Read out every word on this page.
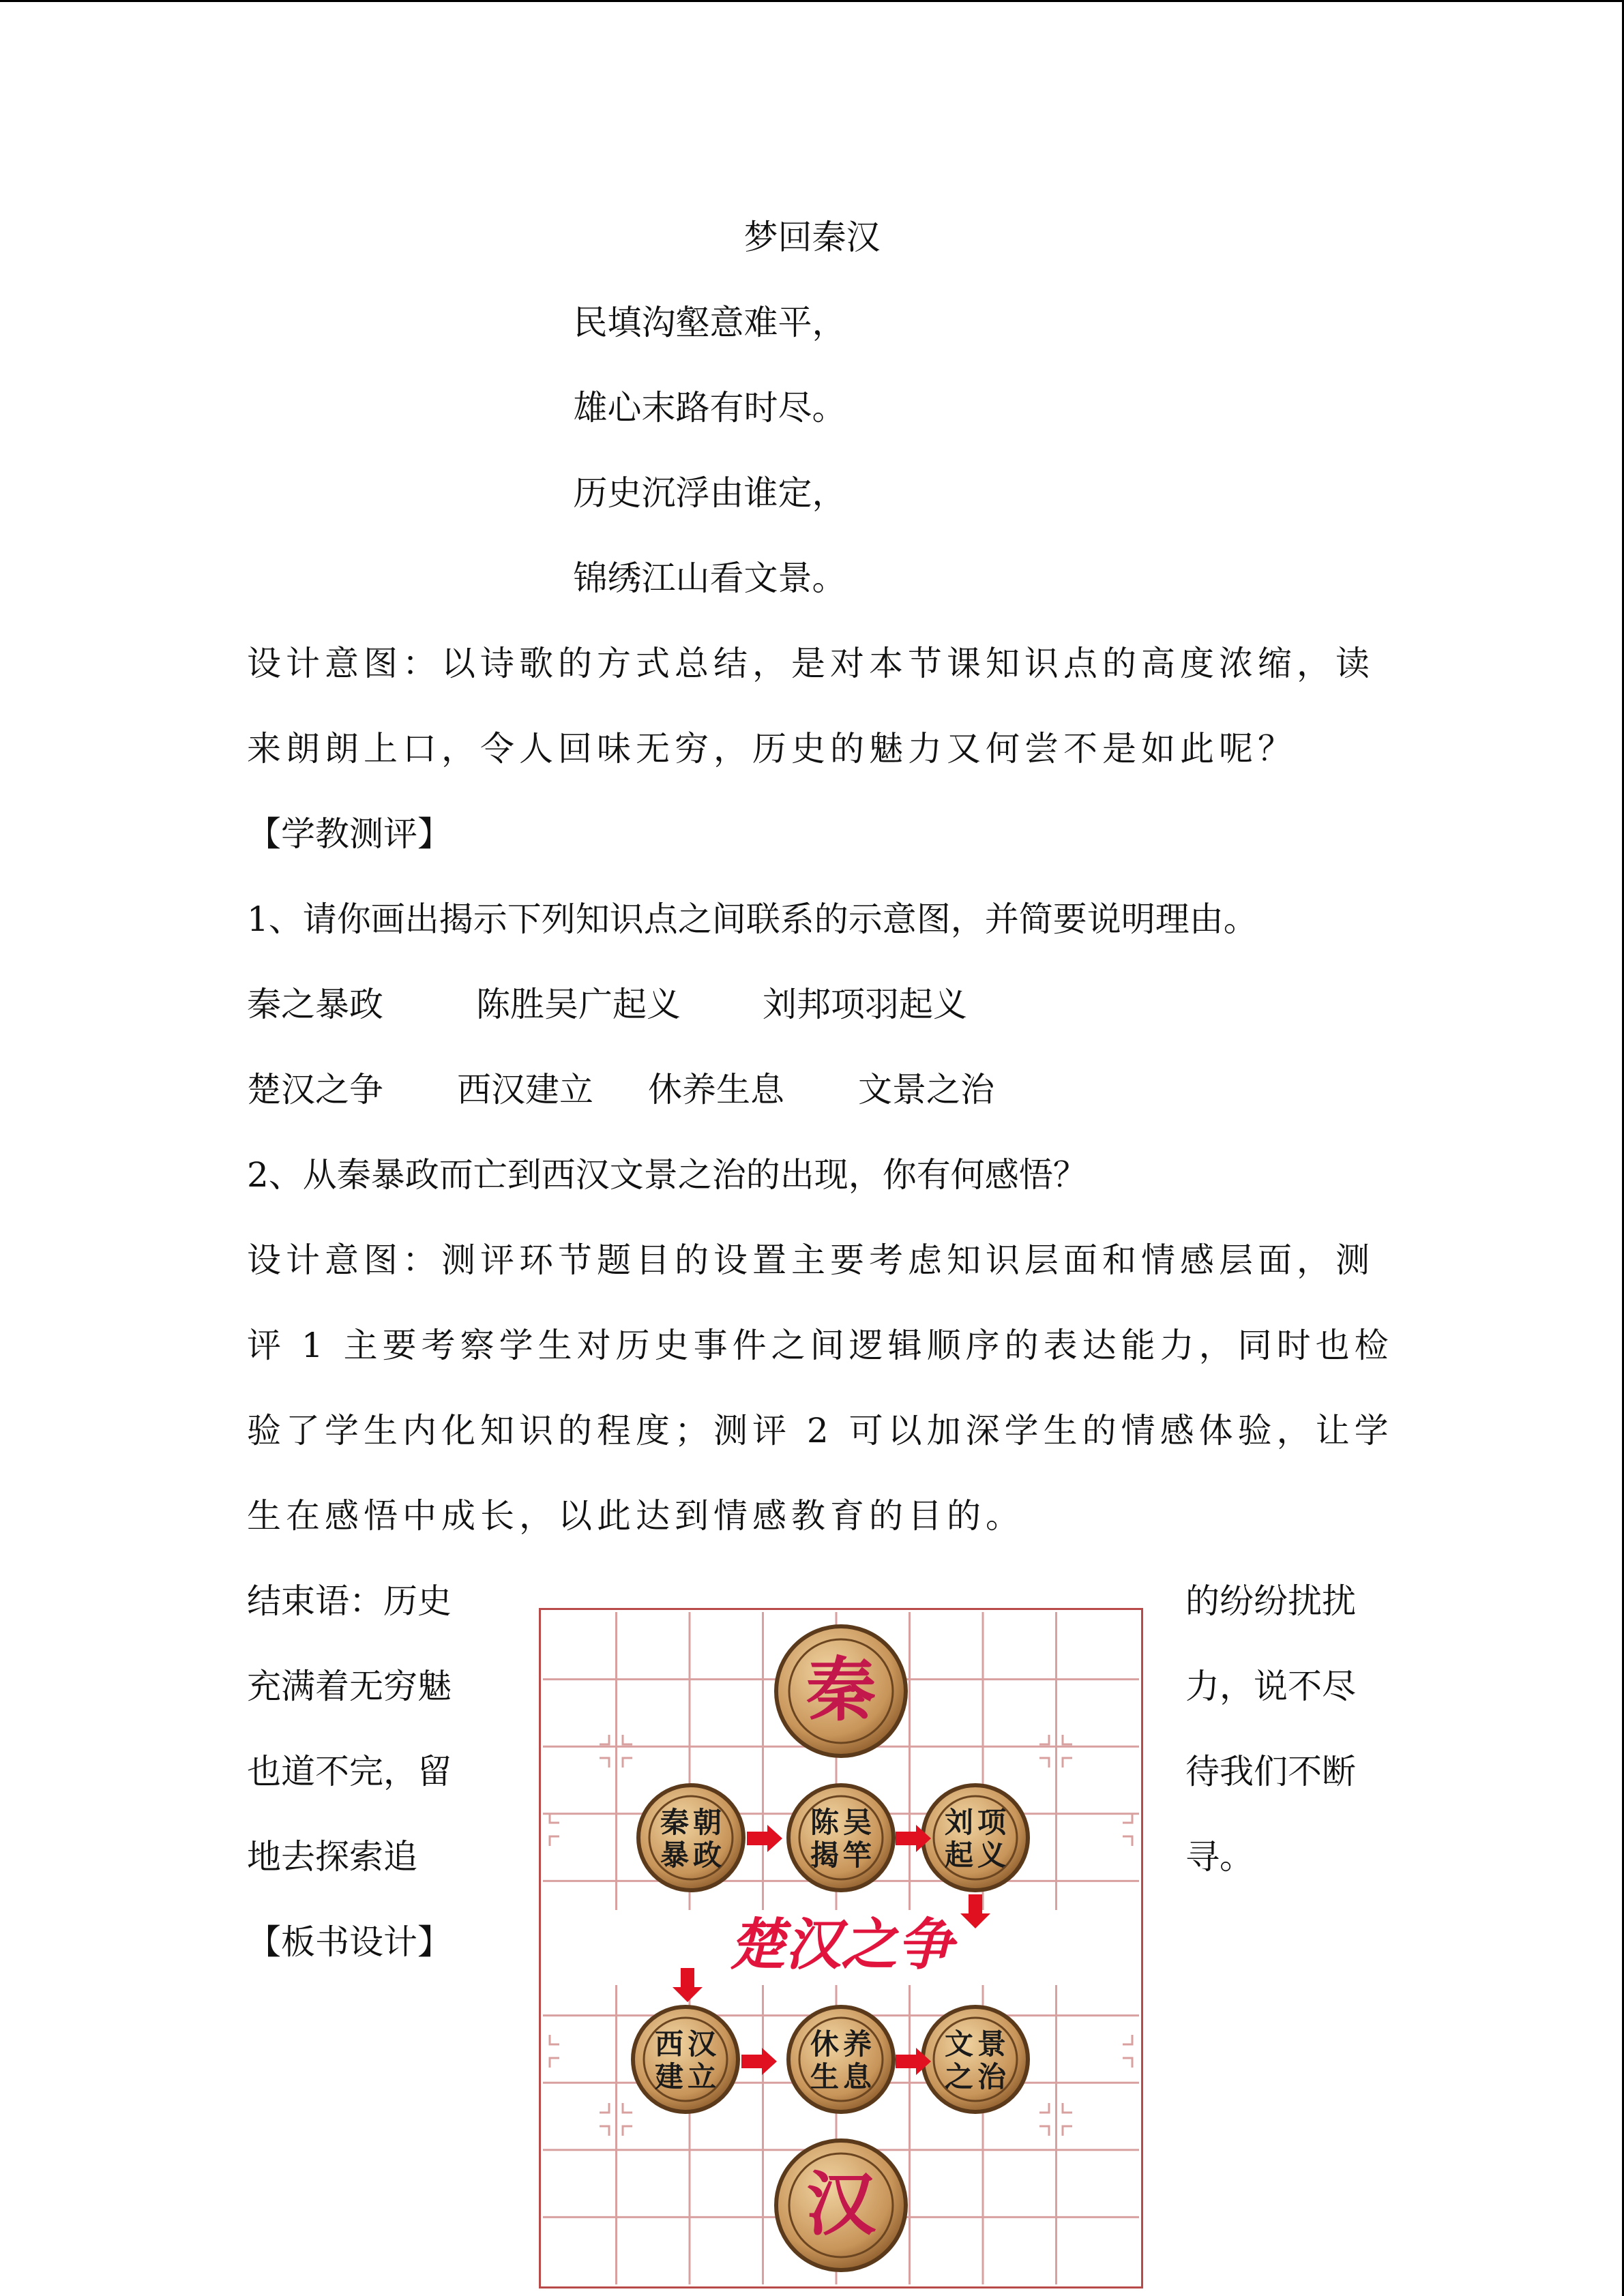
梦回秦汉
民填沟壑意难平，
雄心末路有时尽。
历史沉浮由谁定，
锦绣江山看文景。
设计意图：以诗歌的方式总结，是对本节课知识点的高度浓缩，读
来朗朗上口，令人回味无穷，历史的魅力又何尝不是如此呢？
【学教测评】
1、请你画出揭示下列知识点之间联系的示意图，并简要说明理由。
秦之暴政	陈胜吴广起义 刘邦项羽起义
楚汉之争 西汉建立 休养生息 文景之治
2、从秦暴政而亡到西汉文景之治的出现，你有何感悟？
设计意图：测评环节题目的设置主要考虑知识层面和情感层面，测
评 1 主要考察学生对历史事件之间逻辑顺序的表达能力，同时也检
验了学生内化知识的程度；测评 2 可以加深学生的情感体验，让学
生在感悟中成长，以此达到情感教育的目的。
结束语：历史
充满着无穷魅
也道不完，留
地去探索追
的纷纷扰扰
力，说不尽
待我们不断
寻。
【板书设计】	楚汉之争
秦
汉
秦 朝
暴 政
陈 吴
揭 竿
刘 项
起 义
西 汉
建 立
休 养
生 息
文 景
之 治
